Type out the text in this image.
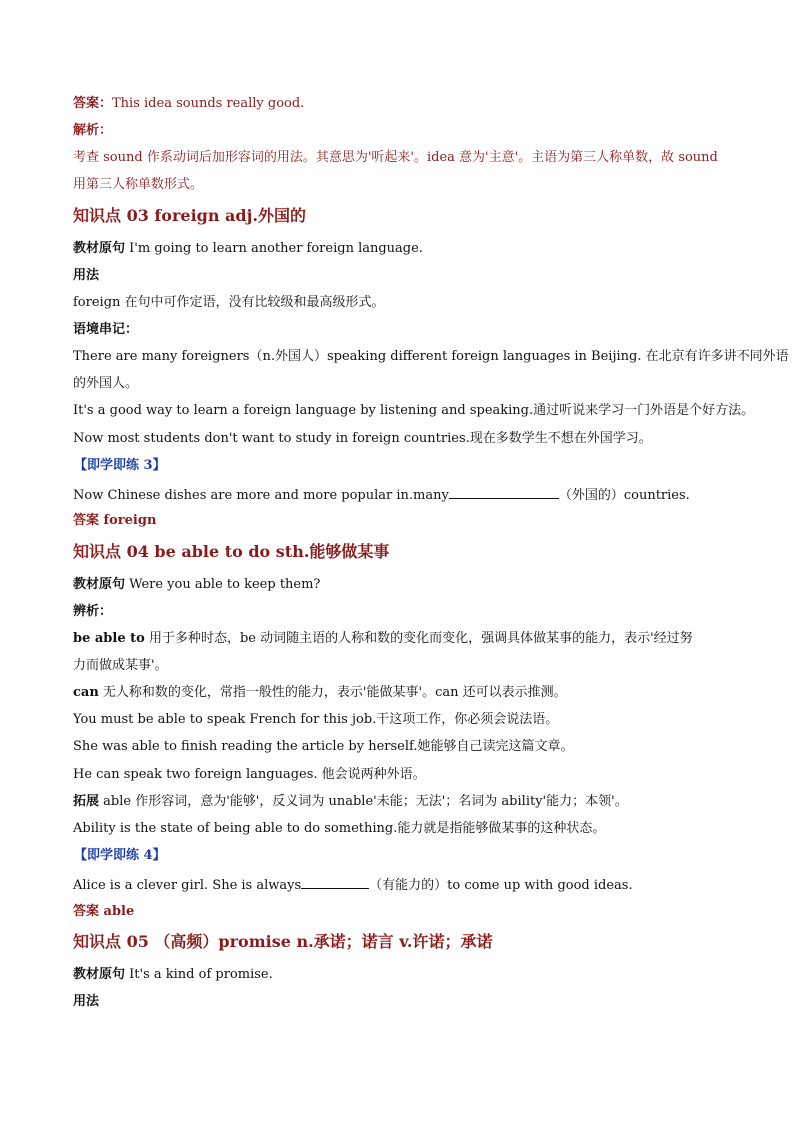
答案：This idea sounds really good.
解析：
考查 sound 作系动词后加形容词的用法。其意思为'听起来'。idea 意为'主意'。主语为第三人称单数，故 sound
用第三人称单数形式。
知识点 03 foreign adj.外国的
教材原句 I'm going to learn another foreign language.
用法
foreign 在句中可作定语，没有比较级和最高级形式。
语境串记：
There are many foreigners（n.外国人）speaking different foreign languages in Beijing. 在北京有许多讲不同外语
的外国人。
It's a good way to learn a foreign language by listening and speaking.通过听说来学习一门外语是个好方法。
Now most students don't want to study in foreign countries.现在多数学生不想在外国学习。
【即学即练 3】
Now Chinese dishes are more and more popular in.many	（外国的）countries.
答案 foreign
知识点 04 be able to do sth.能够做某事
教材原句 Were you able to keep them?
辨析：
be able to 用于多种时态，be 动词随主语的人称和数的变化而变化，强调具体做某事的能力，表示'经过努
力而做成某事'。
can 无人称和数的变化，常指一般性的能力，表示'能做某事'。can 还可以表示推测。
You must be able to speak French for this job.干这项工作，你必须会说法语。
She was able to finish reading the article by herself.她能够自己读完这篇文章。
He can speak two foreign languages. 他会说两种外语。
拓展 able 作形容词，意为'能够'，反义词为 unable'未能；无法'；名词为 ability'能力；本领'。
Ability is the state of being able to do something.能力就是指能够做某事的这种状态。
【即学即练 4】
Alice is a clever girl. She is always	（有能力的）to come up with good ideas.
答案 able
知识点 05 （高频）promise n.承诺；诺言 v.许诺；承诺
教材原句 It's a kind of promise.
用法
